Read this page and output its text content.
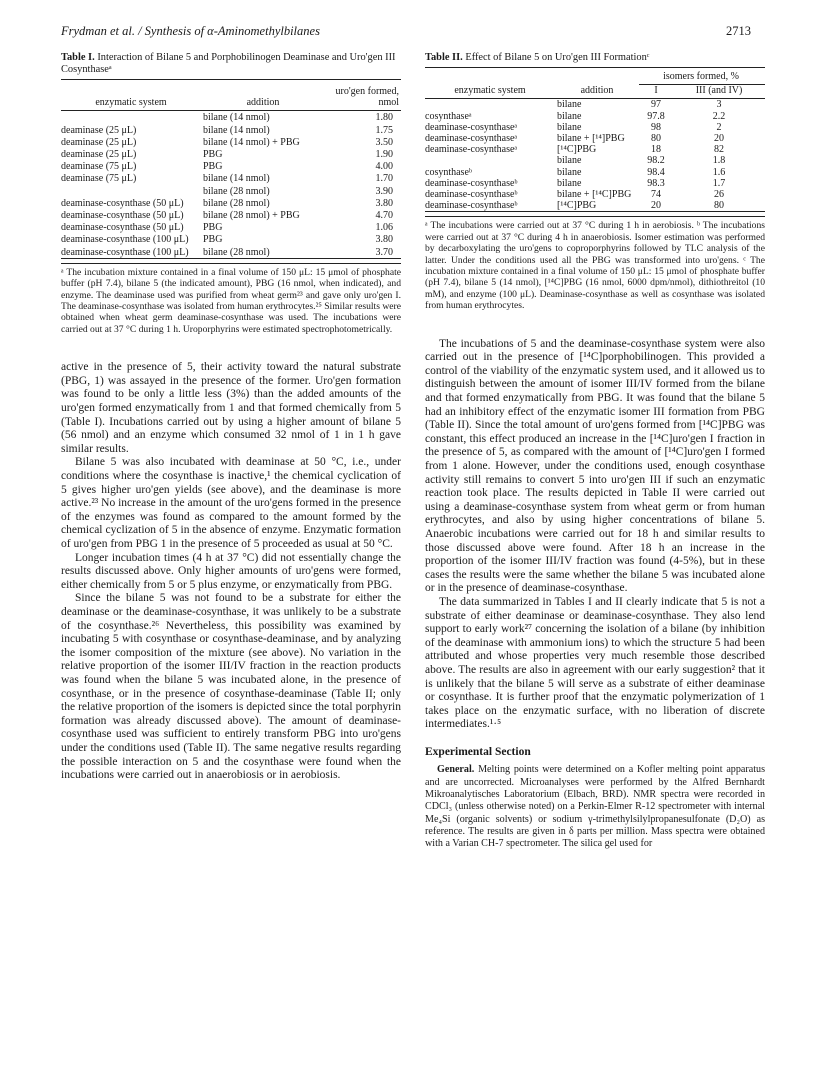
Frydman et al. / Synthesis of α-Aminomethylbilanes	2713
Table I. Interaction of Bilane 5 and Porphobilinogen Deaminase and Uro'gen III Cosynthaseᵃ
enzymatic system	addition	uro'gen formed, nmol
	bilane (14 nmol)	1.80
deaminase (25 μL)	bilane (14 nmol)	1.75
deaminase (25 μL)	bilane (14 nmol) + PBG	3.50
deaminase (25 μL)	PBG	1.90
deaminase (75 μL)	PBG	4.00
deaminase (75 μL)	bilane (14 nmol)	1.70
	bilane (28 nmol)	3.90
deaminase-cosynthase (50 μL)	bilane (28 nmol)	3.80
deaminase-cosynthase (50 μL)	bilane (28 nmol) + PBG	4.70
deaminase-cosynthase (50 μL)	PBG	1.06
deaminase-cosynthase (100 μL)	PBG	3.80
deaminase-cosynthase (100 μL)	bilane (28 nmol)	3.70
ᵃ The incubation mixture contained in a final volume of 150 μL: 15 μmol of phosphate buffer (pH 7.4), bilane 5 (the indicated amount), PBG (16 nmol, when indicated), and enzyme. The deaminase used was purified from wheat germ²³ and gave only uro'gen I. The deaminase-cosynthase was isolated from human erythrocytes.²⁵ Similar results were obtained when wheat germ deaminase-cosynthase was used. The incubations were carried out at 37 °C during 1 h. Uroporphyrins were estimated spectrophotometrically.

active in the presence of 5, their activity toward the natural substrate (PBG, 1) was assayed in the presence of the former. Uro'gen formation was found to be only a little less (3%) than the added amounts of the uro'gen formed enzymatically from 1 and that formed chemically from 5 (Table I). Incubations carried out by using a higher amount of bilane 5 (56 nmol) and an enzyme which consumed 32 nmol of 1 in 1 h gave similar results.

Bilane 5 was also incubated with deaminase at 50 °C, i.e., under conditions where the cosynthase is inactive,¹ the chemical cyclication of 5 gives higher uro'gen yields (see above), and the deaminase is more active.²³ No increase in the amount of the uro'gens formed in the presence of the enzymes was found as compared to the amount formed by the chemical cyclization of 5 in the absence of enzyme. Enzymatic formation of uro'gen from PBG 1 in the presence of 5 proceeded as usual at 50 °C.

Longer incubation times (4 h at 37 °C) did not essentially change the results discussed above. Only higher amounts of uro'gens were formed, either chemically from 5 or 5 plus enzyme, or enzymatically from PBG.

Since the bilane 5 was not found to be a substrate for either the deaminase or the deaminase-cosynthase, it was unlikely to be a substrate of the cosynthase.²⁶ Nevertheless, this possibility was examined by incubating 5 with cosynthase or cosynthase-deaminase, and by analyzing the isomer composition of the mixture (see above). No variation in the relative proportion of the isomer III/IV fraction in the reaction products was found when the bilane 5 was incubated alone, in the presence of cosynthase, or in the presence of cosynthase-deaminase (Table II; only the relative proportion of the isomers is depicted since the total porphyrin formation was already discussed above). The amount of deaminase-cosynthase used was sufficient to entirely transform PBG into uro'gens under the conditions used (Table II). The same negative results regarding the possible interaction on 5 and the cosynthase were found when the incubations were carried out in anaerobiosis or in aerobiosis.

Table II. Effect of Bilane 5 on Uro'gen III Formationᶜ
		isomers formed, %	
enzymatic system	addition	I	III (and IV)
	bilane	97	3
cosynthaseᵃ	bilane	97.8	2.2
deaminase-cosynthaseᵃ	bilane	98	2
deaminase-cosynthaseᵃ	bilane + [¹⁴]PBG	80	20
deaminase-cosynthaseᵃ	[¹⁴C]PBG	18	82
	bilane	98.2	1.8
cosynthaseᵇ	bilane	98.4	1.6
deaminase-cosynthaseᵇ	bilane	98.3	1.7
deaminase-cosynthaseᵇ	bilane + [¹⁴C]PBG	74	26
deaminase-cosynthaseᵇ	[¹⁴C]PBG	20	80
ᵃ The incubations were carried out at 37 °C during 1 h in aerobiosis. ᵇ The incubations were carried out at 37 °C during 4 h in anaerobiosis. Isomer estimation was performed by decarboxylating the uro'gens to coproporphyrins followed by TLC analysis of the latter. Under the conditions used all the PBG was transformed into uro'gens. ᶜ The incubation mixture contained in a final volume of 150 μL: 15 μmol of phosphate buffer (pH 7.4), bilane 5 (14 nmol), [¹⁴C]PBG (16 nmol, 6000 dpm/nmol), dithiothreitol (10 mM), and enzyme (100 μL). Deaminase-cosynthase as well as cosynthase was isolated from human erythrocytes.

The incubations of 5 and the deaminase-cosynthase system were also carried out in the presence of [¹⁴C]porphobilinogen. This provided a control of the viability of the enzymatic system used, and it allowed us to distinguish between the amount of isomer III/IV formed from the bilane and that formed enzymatically from PBG. It was found that the bilane 5 had an inhibitory effect of the enzymatic isomer III formation from PBG (Table II). Since the total amount of uro'gens formed from [¹⁴C]PBG was constant, this effect produced an increase in the [¹⁴C]uro'gen I fraction in the presence of 5, as compared with the amount of [¹⁴C]uro'gen I formed from 1 alone. However, under the conditions used, enough cosynthase activity still remains to convert 5 into uro'gen III if such an enzymatic reaction took place. The results depicted in Table II were carried out using a deaminase-cosynthase system from wheat germ or from human erythrocytes, and also by using higher concentrations of bilane 5. Anaerobic incubations were carried out for 18 h and similar results to those discussed above were found. After 18 h an increase in the proportion of the isomer III/IV fraction was found (4-5%), but in these cases the results were the same whether the bilane 5 was incubated alone or in the presence of deaminase-cosynthase.

The data summarized in Tables I and II clearly indicate that 5 is not a substrate of either deaminase or deaminase-cosynthase. They also lend support to early work²⁷ concerning the isolation of a bilane (by inhibition of the deaminase with ammonium ions) to which the structure 5 had been attributed and whose properties very much resemble those described above. The results are also in agreement with our early suggestion² that it is unlikely that the bilane 5 will serve as a substrate of either deaminase or cosynthase. It is further proof that the enzymatic polymerization of 1 takes place on the enzymatic surface, with no liberation of discrete intermediates.¹·⁵

Experimental Section

General. Melting points were determined on a Kofler melting point apparatus and are uncorrected. Microanalyses were performed by the Alfred Bernhardt Mikroanalytisches Laboratorium (Elbach, BRD). NMR spectra were recorded in CDCl₃ (unless otherwise noted) on a Perkin-Elmer R-12 spectrometer with internal Me₄Si (organic solvents) or sodium γ-trimethylsilylpropanesulfonate (D₂O) as reference. The results are given in δ parts per million. Mass spectra were obtained with a Varian CH-7 spectrometer. The silica gel used for
